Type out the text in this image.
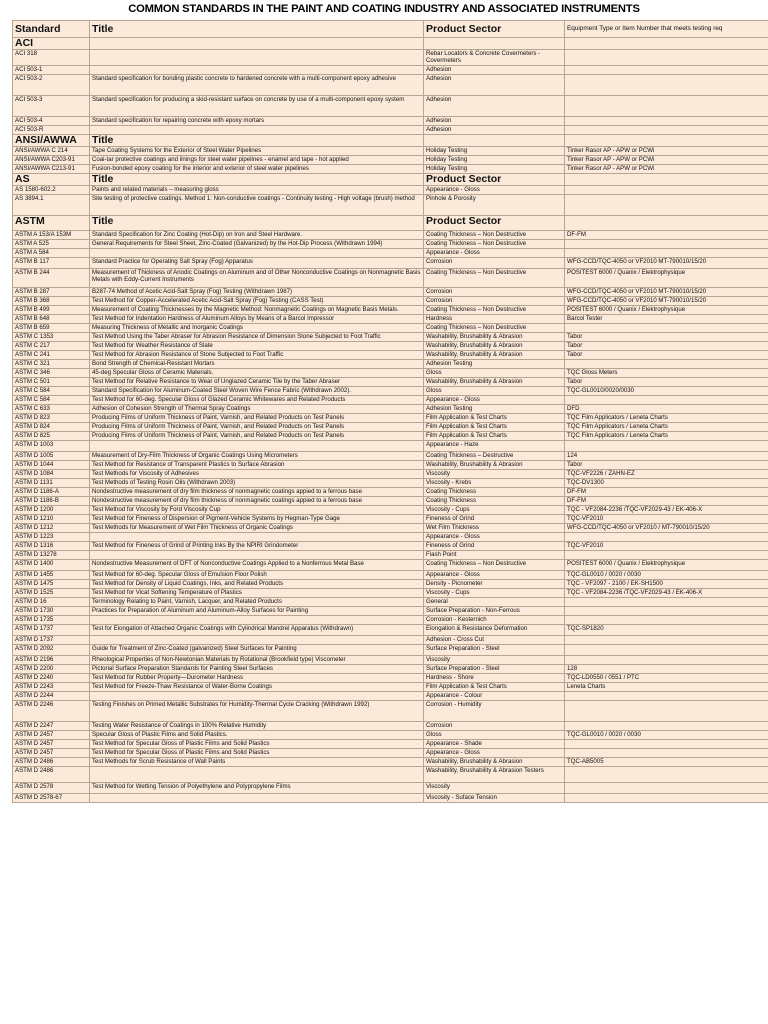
COMMON STANDARDS IN THE PAINT AND COATING INDUSTRY AND ASSOCIATED INSTRUMENTS
Standard	Title	Product Sector	Equipment Type or Item Number that meets testing req
ACI			
ACI 318		Rebar Locators & Concrete Covermeters - Covermeters	
ACI 503-1		Adhesion	
ACI 503-2	Standard specification for bonding plastic concrete to hardened concrete with a multi-component epoxy adhesive	Adhesion	
ACI 503-3	Standard specification for producing a skid-resistant surface on concrete by use of a multi-component epoxy system	Adhesion	
ACI 503-4	Standard specification for repairing concrete with epoxy mortars	Adhesion	
ACI 503-R		Adhesion	
ANSI/AWWA	Title		
ANSI/AWWA C 214	Tape Coating Systems for the Exterior of Steel Water Pipelines	Holiday Testing	Tinker Rasor AP - APW or PCWi
ANSI/AWWA C203-91	Coal-tar protective coatings and linings for steel water pipelines - enamel and tape - hot applied	Holiday Testing	Tinker Rasor AP - APW or PCWi
ANSI/AWWA C213-91	Fusion-bonded epoxy coating for the interior and exterior of steel water pipelines	Holiday Testing	Tinker Rasor AP - APW or PCWi
AS	Title	Product Sector	
AS 1580-602.2	Paints and related materials – measuring gloss	Appearance - Gloss	
AS 3894.1	Site testing of protective coatings. Method 1: Non-conductive coatings - Continuity testing - High voltage (brush) method	Pinhole & Porosity	
ASTM	Title	Product Sector	
ASTM A 153/A 153M	Standard Specification for Zinc Coating (Hot-Dip) on Iron and Steel Hardware.	Coating Thickness – Non Destructive	DF-FM
ASTM A 525	General Requirements for Steel Sheet, Zinc-Coated (Galvanized) by the Hot-Dip Process (Withdrawn 1994)	Coating Thickness – Non Destructive	
ASTM A 584		Appearance - Gloss	
ASTM B 117	Standard Practice for Operating Salt Spray (Fog) Apparatus	Corrosion	WFG-CCD/TQC-4050 or VF2010 MT-790010/15/20
ASTM B 244	Measurement of Thickness of Anodic Coatings on Aluminum and of Other Nonconductive Coatings on Nonmagnetic Basis Metals with Eddy-Current Instruments	Coating Thickness – Non Destructive	POSITEST 6000 / Quanix / Elektrophysique
ASTM B 287	B287-74 Method of Acetic Acid-Salt Spray (Fog) Testing (Withdrawn 1987)	Corrosion	WFG-CCD/TQC-4050 or VF2010 MT-790010/15/20
ASTM B 368	Test Method for Copper-Accelerated Acetic Acid-Salt Spray (Fog) Testing (CASS Test)	Corrosion	WFG-CCD/TQC-4050 or VF2010 MT-790010/15/20
ASTM B 499	Measurement of Coating Thicknesses by the Magnetic Method: Nonmagnetic Coatings on Magnetic Basis Metals.	Coating Thickness – Non Destructive	POSITEST 6000 / Quanix / Elektrophysique
ASTM B 648	Test Method for Indentation Hardness of Aluminum Alloys by Means of a Barcol Impressor	Hardness	Barcol Tester
ASTM B 659	Measuring Thickness of Metallic and Inorganic Coatings	Coating Thickness – Non Destructive	
ASTM C 1353	Test Method Using the Taber Abraser for Abrasion Resistance of Dimension Stone Subjected to Foot Traffic	Washability, Brushability & Abrasion	Tabor
ASTM C 217	Test Method for Weather Resistance of Slate	Washability, Brushability & Abrasion	Tabor
ASTM C 241	Test Method for Abrasion Resistance of Stone Subjected to Foot Traffic	Washability, Brushability & Abrasion	Tabor
ASTM C 321	Bond Strength of Chemical-Resistant Mortars	Adhesion Testing	
ASTM C 346	45-deg Specular Gloss of Ceramic Materials.	Gloss	TQC Gloss Meters
ASTM C 501	Test Method for Relative Resistance to Wear of Unglazed Ceramic Tile by the Taber Abraser	Washability, Brushability & Abrasion	Tabor
ASTM C 584	Standard Specification for Aluminum-Coated Steel Woven Wire Fence Fabric (Withdrawn 2002).	Gloss	TQC-GL0010/0020/0030
ASTM C 584	Test Method for 60-deg. Specular Gloss of Glazed Ceramic Whitewares and Related Products	Appearance - Gloss	
ASTM C 633	Adhesion of Cohesion Strength of Thermal Spray Coatings	Adhesion Testing	DFD
ASTM D 823	Producing Films of Uniform Thickness of Paint, Varnish, and Related Products on Test Panels	Film Application & Test Charts	TQC Film Applicators / Leneta Charts
ASTM D 824	Producing Films of Uniform Thickness of Paint, Varnish, and Related Products on Test Panels	Film Application & Test Charts	TQC Film Applicators / Leneta Charts
ASTM D 825	Producing Films of Uniform Thickness of Paint, Varnish, and Related Products on Test Panels	Film Application & Test Charts	TQC Film Applicators / Leneta Charts
ASTM D 1003		Appearance - Haze	
ASTM D 1005	Measurement of Dry-Film Thickness of Organic Coatings Using Micrometers	Coating Thickness – Destructive	124
ASTM D 1044	Test Method for Resistance of Transparent Plastics to Surface Abrasion	Washability, Brushability & Abrasion	Tabor
ASTM D 1084	Test Methods for Viscosity of Adhesives	Viscosity	TQC-VF2226 / ZAHN-EZ
ASTM D 1131	Test Methods of Testing Rosin Oils (Withdrawn 2003)	Viscosity - Krebs	TQC-DV1300
ASTM D 1186-A	Nondestructive measurement of dry film thickness of nonmagnetic coatings appied to a ferrous base	Coating Thickness	DF-FM
ASTM D 1186-B	Nondestructive measurement of dry film thickness of nonmagnetic coatings appied to a ferrous base	Coating Thickness	DF-FM
ASTM D 1200	Test Method for Viscosity by Ford Viscosity Cup	Viscosity - Cups	TQC - VF2084-2236 /TQC-VF2029-43 / EK-406-X
ASTM D 1210	Test Method for Fineness of Dispersion of Pigment-Vehicle Systems by Hegman-Type Gage	Fineness of Grind	TQC-VF2010
ASTM D 1212	Test Methods for Measurement of Wet Film Thickness of Organic Coatings	Wet Film Thickness	WFG-CCD/TQC-4050 or VF2010 / MT-790010/15/20
ASTM D 1223		Appearance - Gloss	
ASTM D 1316	Test Method for Fineness of Grind of Printing Inks By the NPIRI Grindometer	Fineness of Grind	TQC-VF2010
ASTM D 13278		Flash Point	
ASTM D 1400	Nondestructive Measurement of DFT of Nonconductive Coatings Applied to a Nonferrous Metal Base	Coating Thickness – Non Destructive	POSITEST 6000 / Quanix / Elektrophysique
ASTM D 1455	Test Method for 60-deg. Specular Gloss of Emulsion Floor Polish	Appearance - Gloss	TQC-GL0010 / 0020 / 0030
ASTM D 1475	Test Method for Density of Liquid Coatings, Inks, and Related Products	Density - Picnometer	TQC - VF2097 - 2100 / EK-SH1500
ASTM D 1525	Test Method for Vicat Softening Temperature of Plastics	Viscosity - Cups	TQC - VF2084-2236 /TQC-VF2029-43 / EK-406-X
ASTM D 16	Terminology Relating to Paint, Varnish, Lacquer, and Related Products	General	
ASTM D 1730	Practices for Preparation of Aluminum and Aluminum-Alloy Surfaces for Painting	Surface Preparation - Non-Ferrous	
ASTM D 1735		Corrosion - Kesternich	
ASTM D 1737	Test for Elongation of Attached Organic Coatings with Cylindrical Mandrel Apparatus (Withdrawn)	Elongation & Resistance Deformation	TQC-SP1820
ASTM D 1737		Adhesion - Cross Cut	
ASTM D 2092	Guide for Treatment of Zinc-Coated (galvanized) Steel Surfaces for Painting	Surface Preparation - Steel	
ASTM D 2196	Rheological Properties of Non-Newtonian Materials by Rotational (Brookfield type) Viscometer	Viscosity	
ASTM D 2200	Pictorial Surface Preparation Standards for Painting Steel Surfaces	Surface Preparation - Steel	128
ASTM D 2240	Test Method for Rubber Property—Durometer Hardness	Hardness - Shore	TQC-LD0550 / 0551 / PTC
ASTM D 2243	Test Method for Freeze-Thaw Resistance of Water-Borne Coatings	Film Application & Test Charts	Leneta Charts
ASTM D 2244		Appearance - Colour	
ASTM D 2246	Testing Finishes on Primed Metallic Substrates for Humidity-Thermal Cycle Cracking (Withdrawn 1992)	Corrosion - Humidity	
ASTM D 2247	Testing Water Resistance of Coatings in 100% Relative Humidity	Corrosion	
ASTM D 2457	Specular Gloss of Plastic Films and Solid Plastics.	Gloss	TQC-GL0010 / 0020 / 0030
ASTM D 2457	Test Method for Specular Gloss of Plastic Films and Solid Plastics	Appearance - Shade	
ASTM D 2457	Test Method for Specular Gloss of Plastic Films and Solid Plastics	Appearance - Gloss	
ASTM D 2486	Test Methods for Scrub Resistance of Wall Paints	Washability, Brushability & Abrasion	TQC-AB5005
ASTM D 2486		Washability, Brushability & Abrasion Testers	
ASTM D 2578	Test Method for Wetting Tension of Polyethylene and Polypropylene Films	Viscosity	
ASTM D 2578-67		Viscosity - Suface Tension	
